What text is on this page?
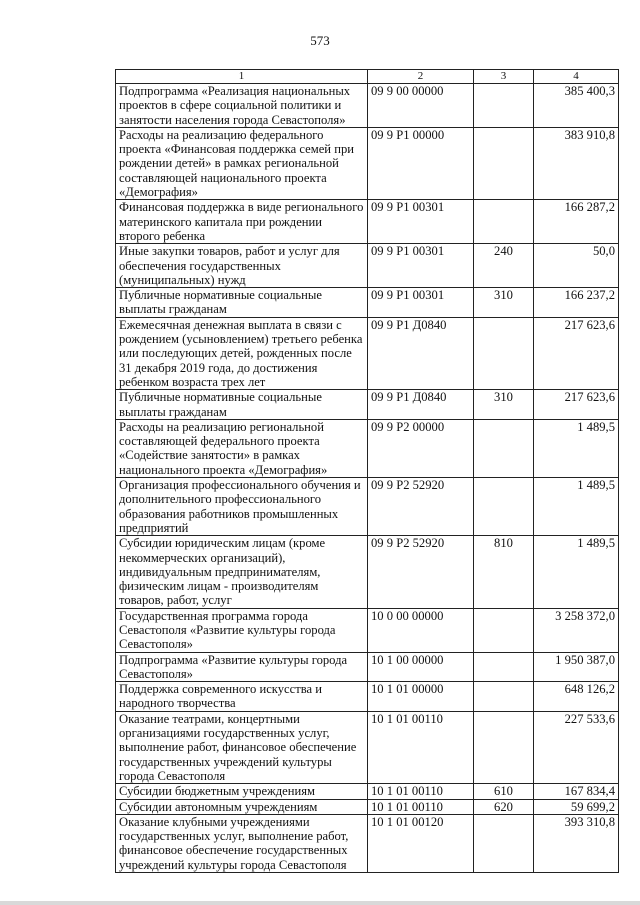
573
1	2	3	4
Подпрограмма «Реализация национальных проектов в сфере социальной политики и занятости населения города Севастополя»	09 9 00 00000		385 400,3
Расходы на реализацию федерального проекта «Финансовая поддержка семей при рождении детей» в рамках региональной составляющей национального проекта «Демография»	09 9 Р1 00000		383 910,8
Финансовая поддержка в виде регионального материнского капитала при рождении второго ребенка	09 9 Р1 00301		166 287,2
Иные закупки товаров, работ и услуг для обеспечения государственных (муниципальных) нужд	09 9 Р1 00301	240	50,0
Публичные нормативные социальные выплаты гражданам	09 9 Р1 00301	310	166 237,2
Ежемесячная денежная выплата в связи с рождением (усыновлением) третьего ребенка или последующих детей, рожденных после 31 декабря 2019 года, до достижения ребенком возраста трех лет	09 9 Р1 Д0840		217 623,6
Публичные нормативные социальные выплаты гражданам	09 9 Р1 Д0840	310	217 623,6
Расходы на реализацию региональной составляющей федерального проекта «Содействие занятости» в рамках национального проекта «Демография»	09 9 Р2 00000		1 489,5
Организация профессионального обучения и дополнительного профессионального образования работников промышленных предприятий	09 9 Р2 52920		1 489,5
Субсидии юридическим лицам (кроме некоммерческих организаций), индивидуальным предпринимателям, физическим лицам - производителям товаров, работ, услуг	09 9 Р2 52920	810	1 489,5
Государственная программа города Севастополя «Развитие культуры города Севастополя»	10 0 00 00000		3 258 372,0
Подпрограмма «Развитие культуры города Севастополя»	10 1 00 00000		1 950 387,0
Поддержка современного искусства и народного творчества	10 1 01 00000		648 126,2
Оказание театрами, концертными организациями государственных услуг, выполнение работ, финансовое обеспечение государственных учреждений культуры города Севастополя	10 1 01 00110		227 533,6
Субсидии бюджетным учреждениям	10 1 01 00110	610	167 834,4
Субсидии автономным учреждениям	10 1 01 00110	620	59 699,2
Оказание клубными учреждениями государственных услуг, выполнение работ, финансовое обеспечение государственных учреждений культуры города Севастополя	10 1 01 00120		393 310,8
